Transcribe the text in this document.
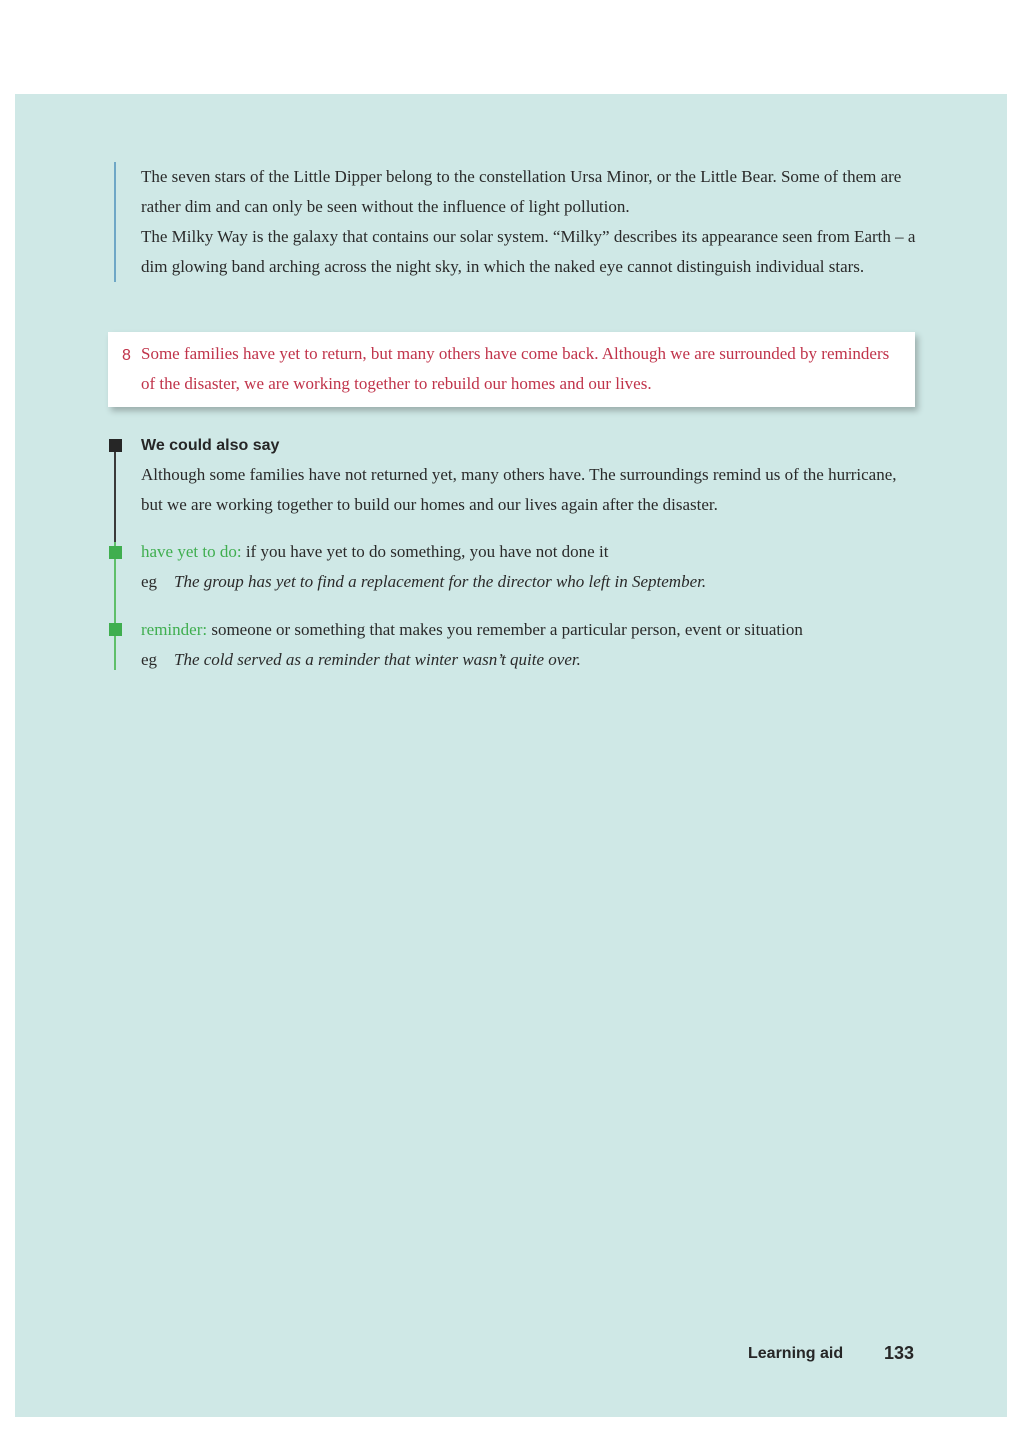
The seven stars of the Little Dipper belong to the constellation Ursa Minor, or the Little Bear. Some of them are rather dim and can only be seen without the influence of light pollution.

The Milky Way is the galaxy that contains our solar system. “Milky” describes its appearance seen from Earth – a dim glowing band arching across the night sky, in which the naked eye cannot distinguish individual stars.

8 Some families have yet to return, but many others have come back. Although we are surrounded by reminders of the disaster, we are working together to rebuild our homes and our lives.

We could also say

Although some families have not returned yet, many others have. The surroundings remind us of the hurricane, but we are working together to build our homes and our lives again after the disaster.

have yet to do: if you have yet to do something, you have not done it
eg The group has yet to find a replacement for the director who left in September.
reminder: someone or something that makes you remember a particular person, event or situation
eg The cold served as a reminder that winter wasn’t quite over.
Learning aid 133
